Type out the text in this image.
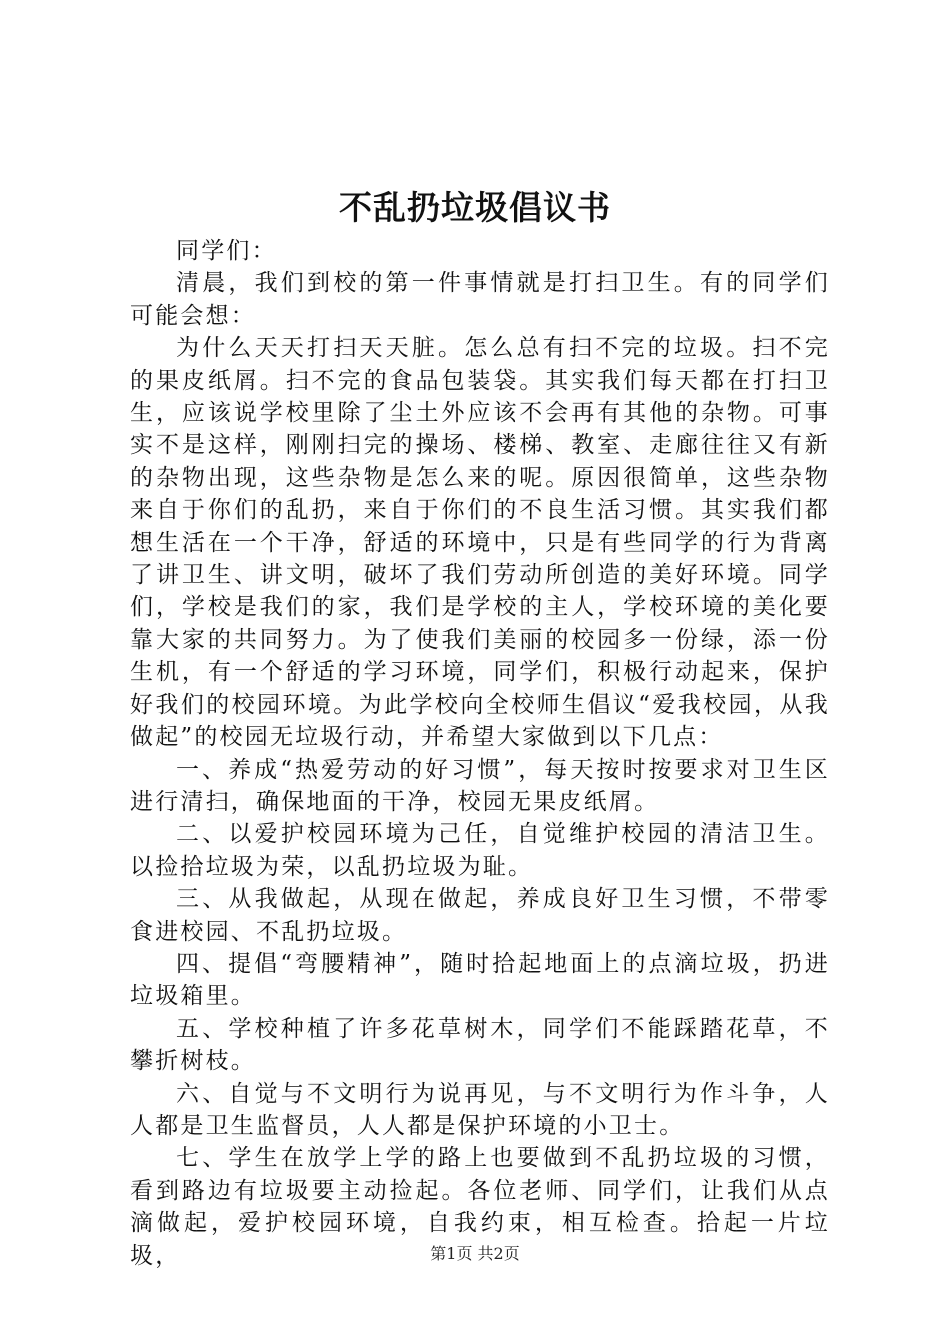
不乱扔垃圾倡议书

同学们：

清晨，我们到校的第一件事情就是打扫卫生。有的同学们可能会想：

为什么天天打扫天天脏。怎么总有扫不完的垃圾。扫不完的果皮纸屑。扫不完的食品包装袋。其实我们每天都在打扫卫生，应该说学校里除了尘土外应该不会再有其他的杂物。可事实不是这样，刚刚扫完的操场、楼梯、教室、走廊往往又有新的杂物出现，这些杂物是怎么来的呢。原因很简单，这些杂物来自于你们的乱扔，来自于你们的不良生活习惯。其实我们都想生活在一个干净，舒适的环境中，只是有些同学的行为背离了讲卫生、讲文明，破坏了我们劳动所创造的美好环境。同学们，学校是我们的家，我们是学校的主人，学校环境的美化要靠大家的共同努力。为了使我们美丽的校园多一份绿，添一份生机，有一个舒适的学习环境，同学们，积极行动起来，保护好我们的校园环境。为此学校向全校师生倡议“爱我校园，从我做起”的校园无垃圾行动，并希望大家做到以下几点：

一、养成“热爱劳动的好习惯”，每天按时按要求对卫生区进行清扫，确保地面的干净，校园无果皮纸屑。

二、以爱护校园环境为己任，自觉维护校园的清洁卫生。以捡拾垃圾为荣，以乱扔垃圾为耻。

三、从我做起，从现在做起，养成良好卫生习惯，不带零食进校园、不乱扔垃圾。

四、提倡“弯腰精神”，随时拾起地面上的点滴垃圾，扔进垃圾箱里。

五、学校种植了许多花草树木，同学们不能踩踏花草，不攀折树枝。

六、自觉与不文明行为说再见，与不文明行为作斗争，人人都是卫生监督员，人人都是保护环境的小卫士。

七、学生在放学上学的路上也要做到不乱扔垃圾的习惯，看到路边有垃圾要主动捡起。各位老师、同学们，让我们从点滴做起，爱护校园环境，自我约束，相互检查。拾起一片垃圾，	第1页 共2页
